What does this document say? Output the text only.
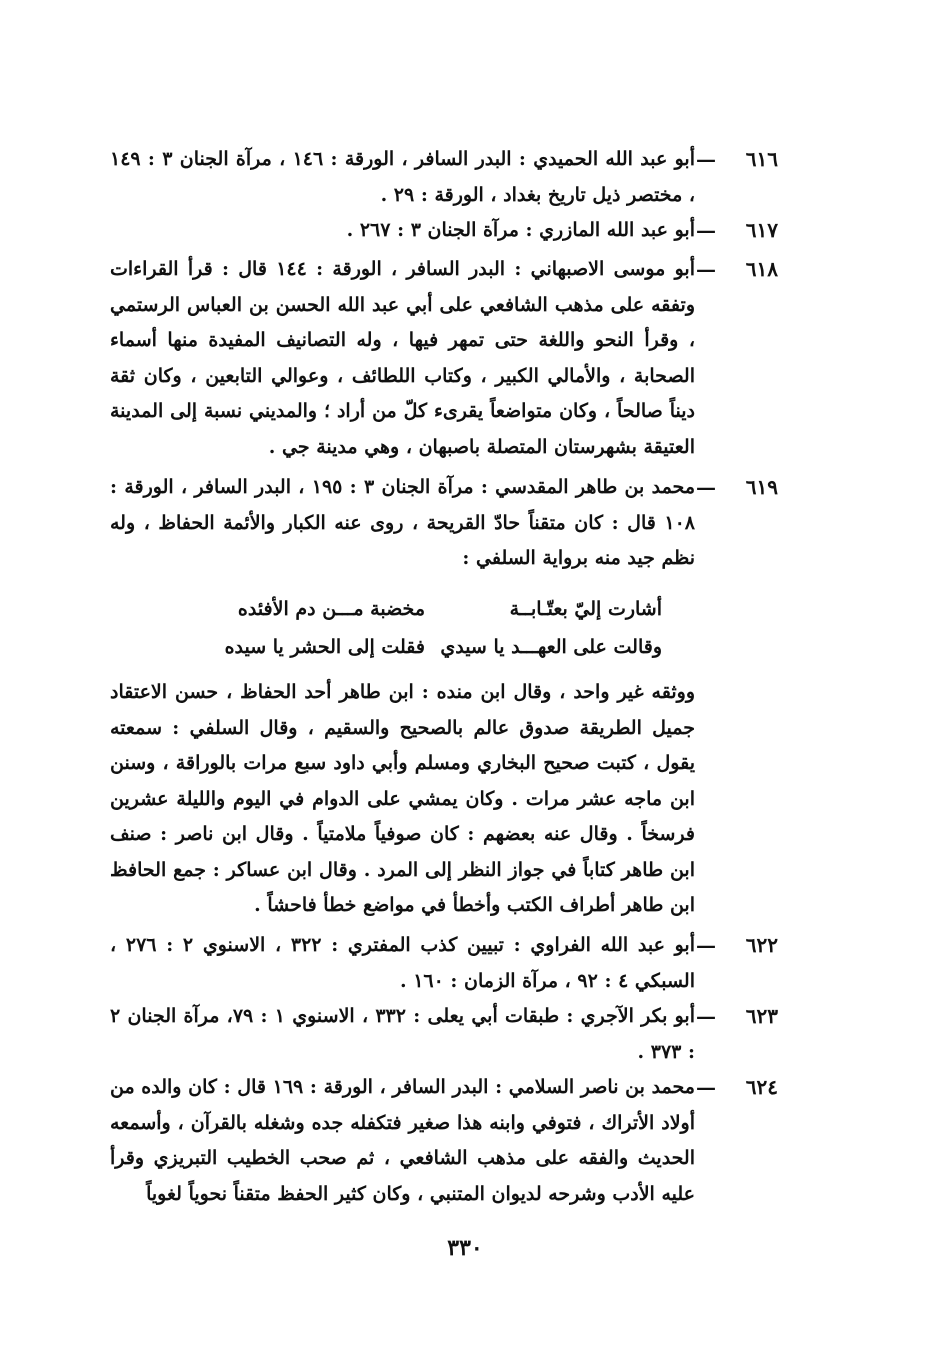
٦١٦
—
أبو عبد الله الحميدي : البدر السافر ، الورقة : ١٤٦ ، مرآة الجنان ٣ : ١٤٩ ، مختصر ذيل تاريخ بغداد ، الورقة : ٢٩ .
٦١٧
—
أبو عبد الله المازري : مرآة الجنان ٣ : ٢٦٧ .
٦١٨
—
أبو موسى الاصبهاني : البدر السافر ، الورقة : ١٤٤ قال : قرأ القراءات وتفقه على مذهب الشافعي على أبي عبد الله الحسن بن العباس الرستمي ، وقرأ النحو واللغة حتى تمهر فيها ، وله التصانيف المفيدة منها أسماء الصحابة ، والأمالي الكبير ، وكتاب اللطائف ، وعوالي التابعين ، وكان ثقة ديناً صالحاً ، وكان متواضعاً يقرىء كلّ من أراد ؛ والمديني نسبة إلى المدينة العتيقة بشهرستان المتصلة باصبهان ، وهي مدينة جي .
٦١٩
—
محمد بن طاهر المقدسي : مرآة الجنان ٣ : ١٩٥ ، البدر السافر ، الورقة : ١٠٨ قال : كان متقناً حادّ القريحة ، روى عنه الكبار والأئمة الحفاظ ، وله نظم جيد منه برواية السلفي :
أشارت إليّ بعتّـابــة
مخضبة مـــن دم الأفئده
وقالت على العهـــد يا سيدي
فقلت إلى الحشر يا سيده
ووثقه غير واحد ، وقال ابن منده : ابن طاهر أحد الحفاظ ، حسن الاعتقاد جميل الطريقة صدوق عالم بالصحيح والسقيم ، وقال السلفي : سمعته يقول ، كتبت صحيح البخاري ومسلم وأبي داود سبع مرات بالوراقة ، وسنن ابن ماجه عشر مرات . وكان يمشي على الدوام في اليوم والليلة عشرين فرسخاً . وقال عنه بعضهم : كان صوفياً ملامتياً . وقال ابن ناصر : صنف ابن طاهر كتاباً في جواز النظر إلى المرد . وقال ابن عساكر : جمع الحافظ ابن طاهر أطراف الكتب وأخطأ في مواضع خطأ فاحشاً .
٦٢٢
—
أبو عبد الله الفراوي : تبيين كذب المفتري : ٣٢٢ ، الاسنوي ٢ : ٢٧٦ ، السبكي ٤ : ٩٢ ، مرآة الزمان : ١٦٠ .
٦٢٣
—
أبو بكر الآجري : طبقات أبي يعلى : ٣٣٢ ، الاسنوي ١ : ٧٩، مرآة الجنان ٢ : ٣٧٣ .
٦٢٤
—
محمد بن ناصر السلامي : البدر السافر ، الورقة : ١٦٩ قال : كان والده من أولاد الأتراك ، فتوفي وابنه هذا صغير فتكفله جده وشغله بالقرآن ، وأسمعه الحديث والفقه على مذهب الشافعي ، ثم صحب الخطيب التبريزي وقرأ عليه الأدب وشرحه لديوان المتنبي ، وكان كثير الحفظ متقناً نحوياً لغوياً
٣٣٠
